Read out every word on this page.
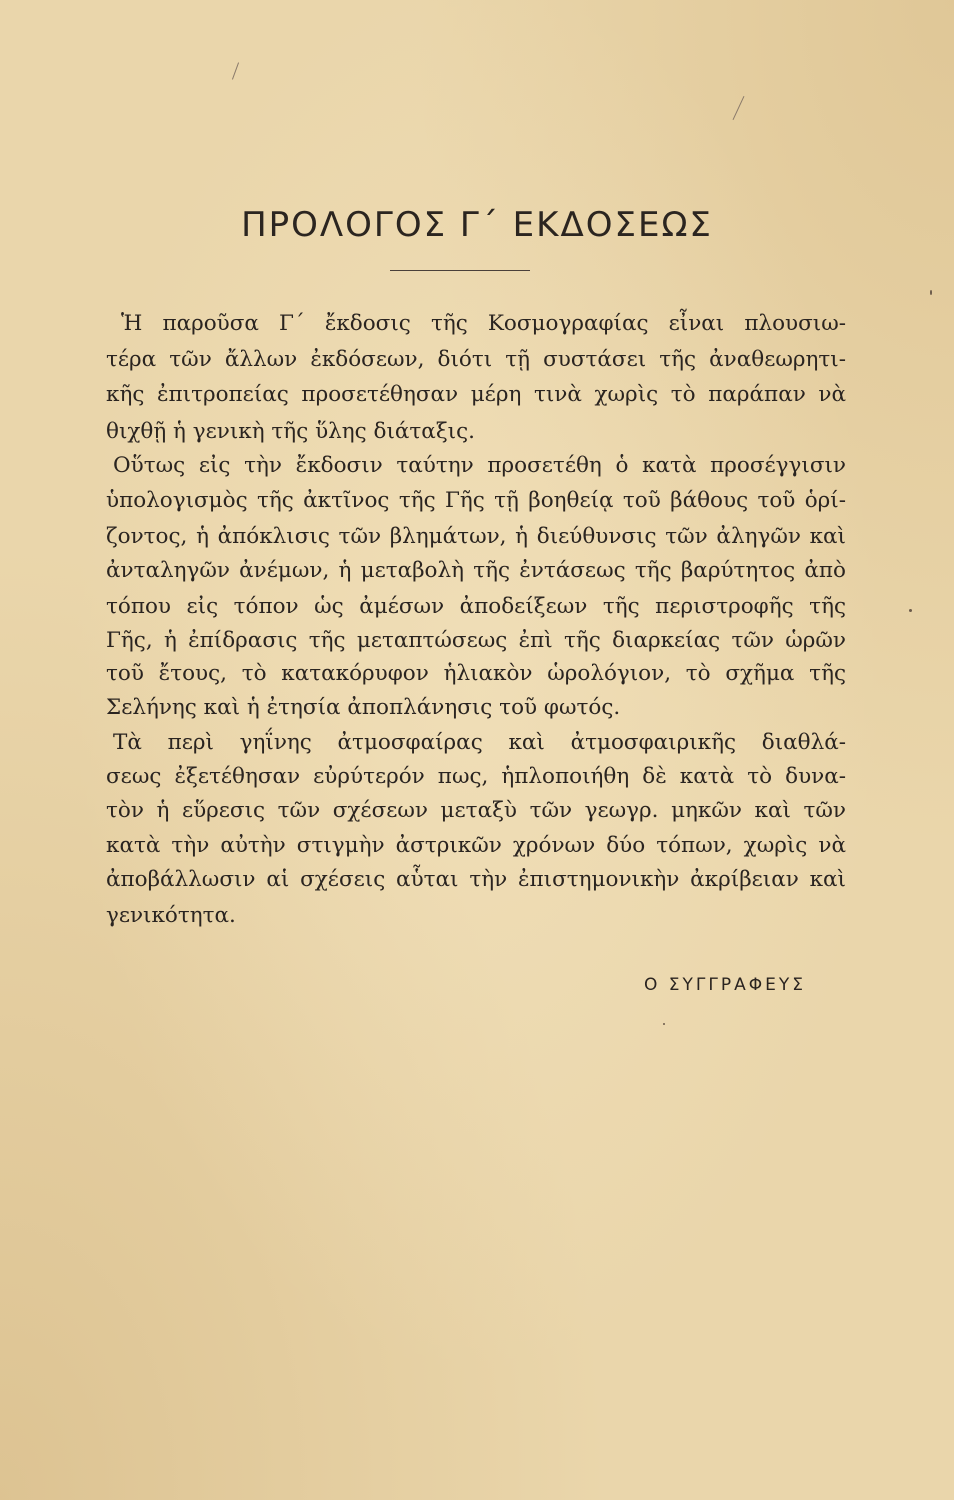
ΠΡΟΛΟΓΟΣ Γ΄ ΕΚΔΟΣΕΩΣ
Ἡ παροῦσα Γ΄ ἔκδοσις τῆς Κοσμογραφίας εἶναι πλουσιω-
τέρα τῶν ἄλλων ἐκδόσεων, διότι τῇ συστάσει τῆς ἀναθεωρητι-
κῆς ἐπιτροπείας προσετέθησαν μέρη τινὰ χωρὶς τὸ παράπαν νὰ
θιχθῇ ἡ γενικὴ τῆς ὕλης διάταξις.
Οὕτως εἰς τὴν ἔκδοσιν ταύτην προσετέθη ὁ κατὰ προσέγγισιν
ὑπολογισμὸς τῆς ἀκτῖνος τῆς Γῆς τῇ βοηθείᾳ τοῦ βάθους τοῦ ὁρί-
ζοντος, ἡ ἀπόκλισις τῶν βλημάτων, ἡ διεύθυνσις τῶν ἀληγῶν καὶ
ἀνταληγῶν ἀνέμων, ἡ μεταβολὴ τῆς ἐντάσεως τῆς βαρύτητος ἀπὸ
τόπου εἰς τόπον ὡς ἀμέσων ἀποδείξεων τῆς περιστροφῆς τῆς
Γῆς, ἡ ἐπίδρασις τῆς μεταπτώσεως ἐπὶ τῆς διαρκείας τῶν ὡρῶν
τοῦ ἔτους, τὸ κατακόρυφον ἡλιακὸν ὡρολόγιον, τὸ σχῆμα τῆς
Σελήνης καὶ ἡ ἐτησία ἀποπλάνησις τοῦ φωτός.
Τὰ περὶ γηΐνης ἀτμοσφαίρας καὶ ἀτμοσφαιρικῆς διαθλά-
σεως ἐξετέθησαν εὐρύτερόν πως, ἡπλοποιήθη δὲ κατὰ τὸ δυνα-
τὸν ἡ εὕρεσις τῶν σχέσεων μεταξὺ τῶν γεωγρ. μηκῶν καὶ τῶν
κατὰ τὴν αὐτὴν στιγμὴν ἀστρικῶν χρόνων δύο τόπων, χωρὶς νὰ
ἀποβάλλωσιν αἱ σχέσεις αὗται τὴν ἐπιστημονικὴν ἀκρίβειαν καὶ
γενικότητα.
Ο ΣΥΓΓΡΑΦΕΥΣ
